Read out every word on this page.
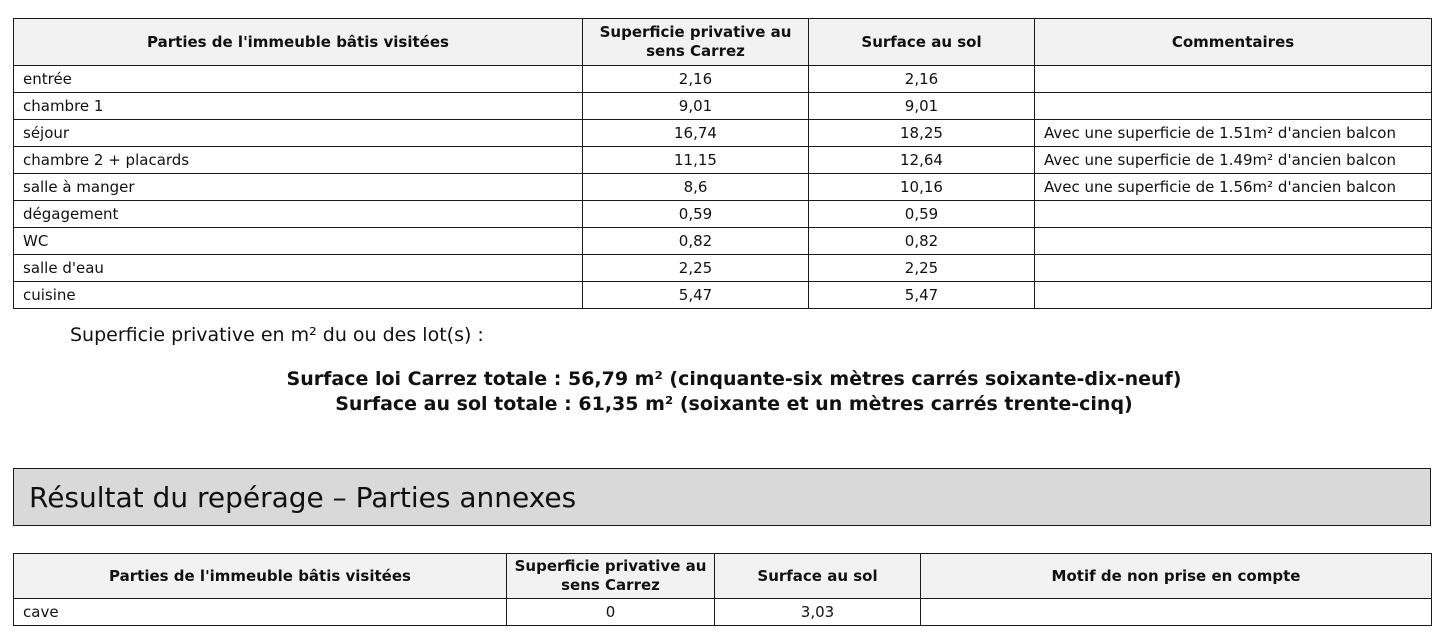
Parties de l'immeuble bâtis visitées	Superficie privative au sens Carrez	Surface au sol	Commentaires
entrée	2,16	2,16	
chambre 1	9,01	9,01	
séjour	16,74	18,25	Avec une superficie de 1.51m² d'ancien balcon
chambre 2 + placards	11,15	12,64	Avec une superficie de 1.49m² d'ancien balcon
salle à manger	8,6	10,16	Avec une superficie de 1.56m² d'ancien balcon
dégagement	0,59	0,59	
WC	0,82	0,82	
salle d'eau	2,25	2,25	
cuisine	5,47	5,47	
Superficie privative en m² du ou des lot(s) :
Surface loi Carrez totale : 56,79 m² (cinquante-six mètres carrés soixante-dix-neuf)
Surface au sol totale : 61,35 m² (soixante et un mètres carrés trente-cinq)
Résultat du repérage – Parties annexes
Parties de l'immeuble bâtis visitées	Superficie privative au sens Carrez	Surface au sol	Motif de non prise en compte
cave	0	3,03	
